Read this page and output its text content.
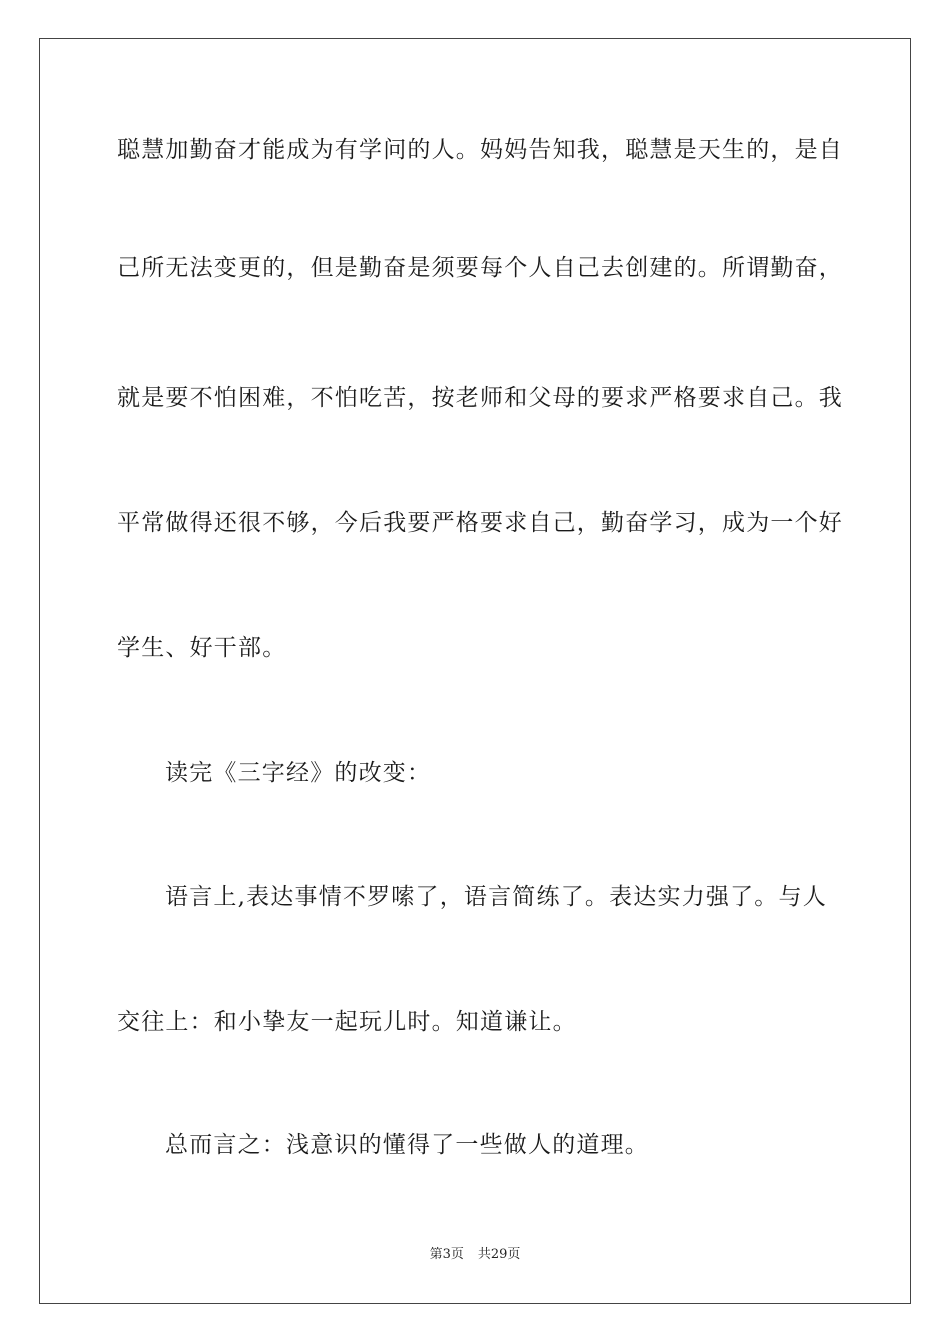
聪慧加勤奋才能成为有学问的人。妈妈告知我，聪慧是天生的，是自
己所无法变更的，但是勤奋是须要每个人自己去创建的。所谓勤奋，
就是要不怕困难，不怕吃苦，按老师和父母的要求严格要求自己。我
平常做得还很不够，今后我要严格要求自己，勤奋学习，成为一个好
学生、好干部。
读完《三字经》的改变：
语言上,表达事情不罗嗦了，语言简练了。表达实力强了。与人
交往上：和小挚友一起玩儿时。知道谦让。
总而言之：浅意识的懂得了一些做人的道理。
第3页 共29页
